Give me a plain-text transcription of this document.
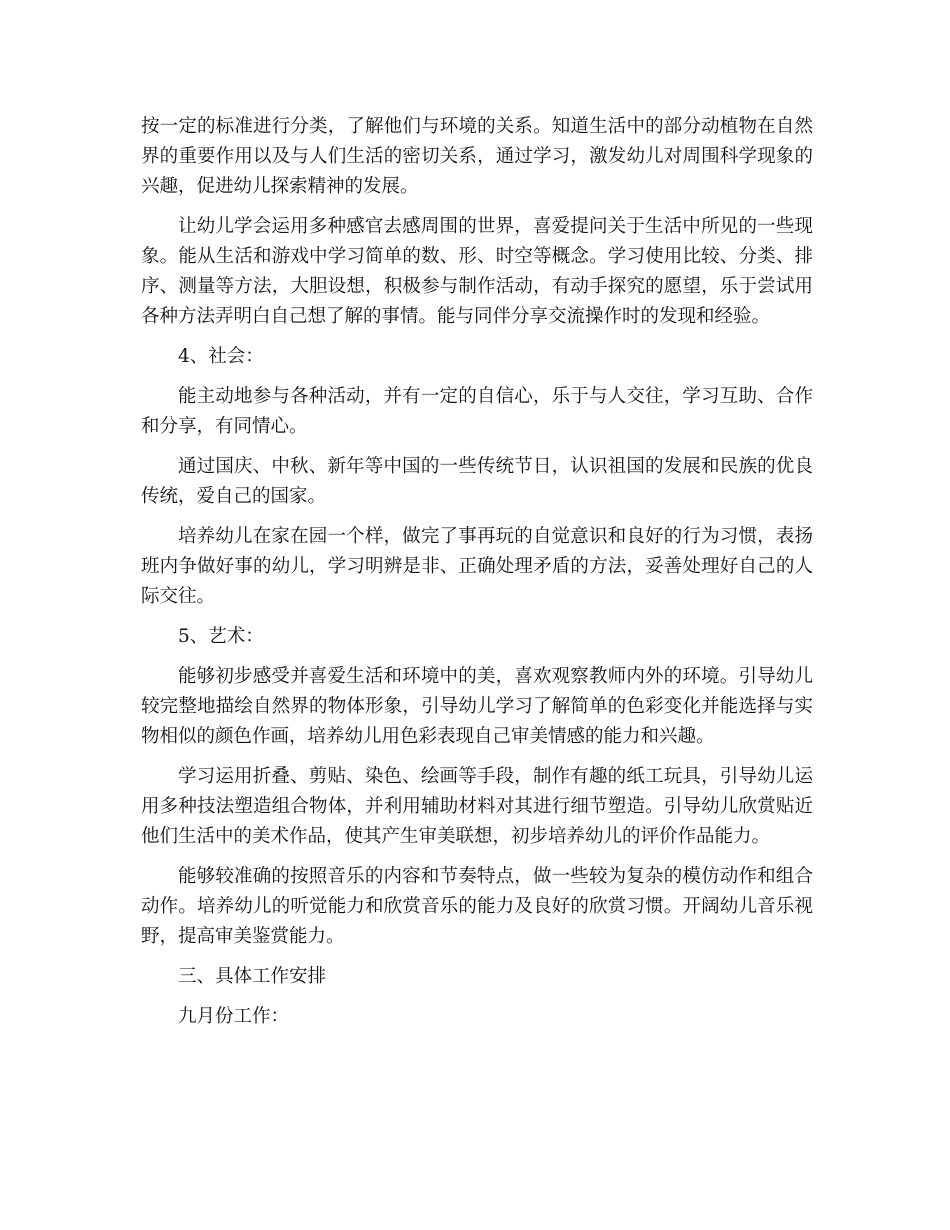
按一定的标准进行分类，了解他们与环境的关系。知道生活中的部分动植物在自然界的重要作用以及与人们生活的密切关系，通过学习，激发幼儿对周围科学现象的兴趣，促进幼儿探索精神的发展。

让幼儿学会运用多种感官去感周围的世界，喜爱提问关于生活中所见的一些现象。能从生活和游戏中学习简单的数、形、时空等概念。学习使用比较、分类、排序、测量等方法，大胆设想，积极参与制作活动，有动手探究的愿望，乐于尝试用各种方法弄明白自己想了解的事情。能与同伴分享交流操作时的发现和经验。

4、社会：

能主动地参与各种活动，并有一定的自信心，乐于与人交往，学习互助、合作和分享，有同情心。

通过国庆、中秋、新年等中国的一些传统节日，认识祖国的发展和民族的优良传统，爱自己的国家。

培养幼儿在家在园一个样，做完了事再玩的自觉意识和良好的行为习惯，表扬班内争做好事的幼儿，学习明辨是非、正确处理矛盾的方法，妥善处理好自己的人际交往。

5、艺术：

能够初步感受并喜爱生活和环境中的美，喜欢观察教师内外的环境。引导幼儿较完整地描绘自然界的物体形象，引导幼儿学习了解简单的色彩变化并能选择与实物相似的颜色作画，培养幼儿用色彩表现自己审美情感的能力和兴趣。

学习运用折叠、剪贴、染色、绘画等手段，制作有趣的纸工玩具，引导幼儿运用多种技法塑造组合物体，并利用辅助材料对其进行细节塑造。引导幼儿欣赏贴近他们生活中的美术作品，使其产生审美联想，初步培养幼儿的评价作品能力。

能够较准确的按照音乐的内容和节奏特点，做一些较为复杂的模仿动作和组合动作。培养幼儿的听觉能力和欣赏音乐的能力及良好的欣赏习惯。开阔幼儿音乐视野，提高审美鉴赏能力。

三、具体工作安排

九月份工作：
